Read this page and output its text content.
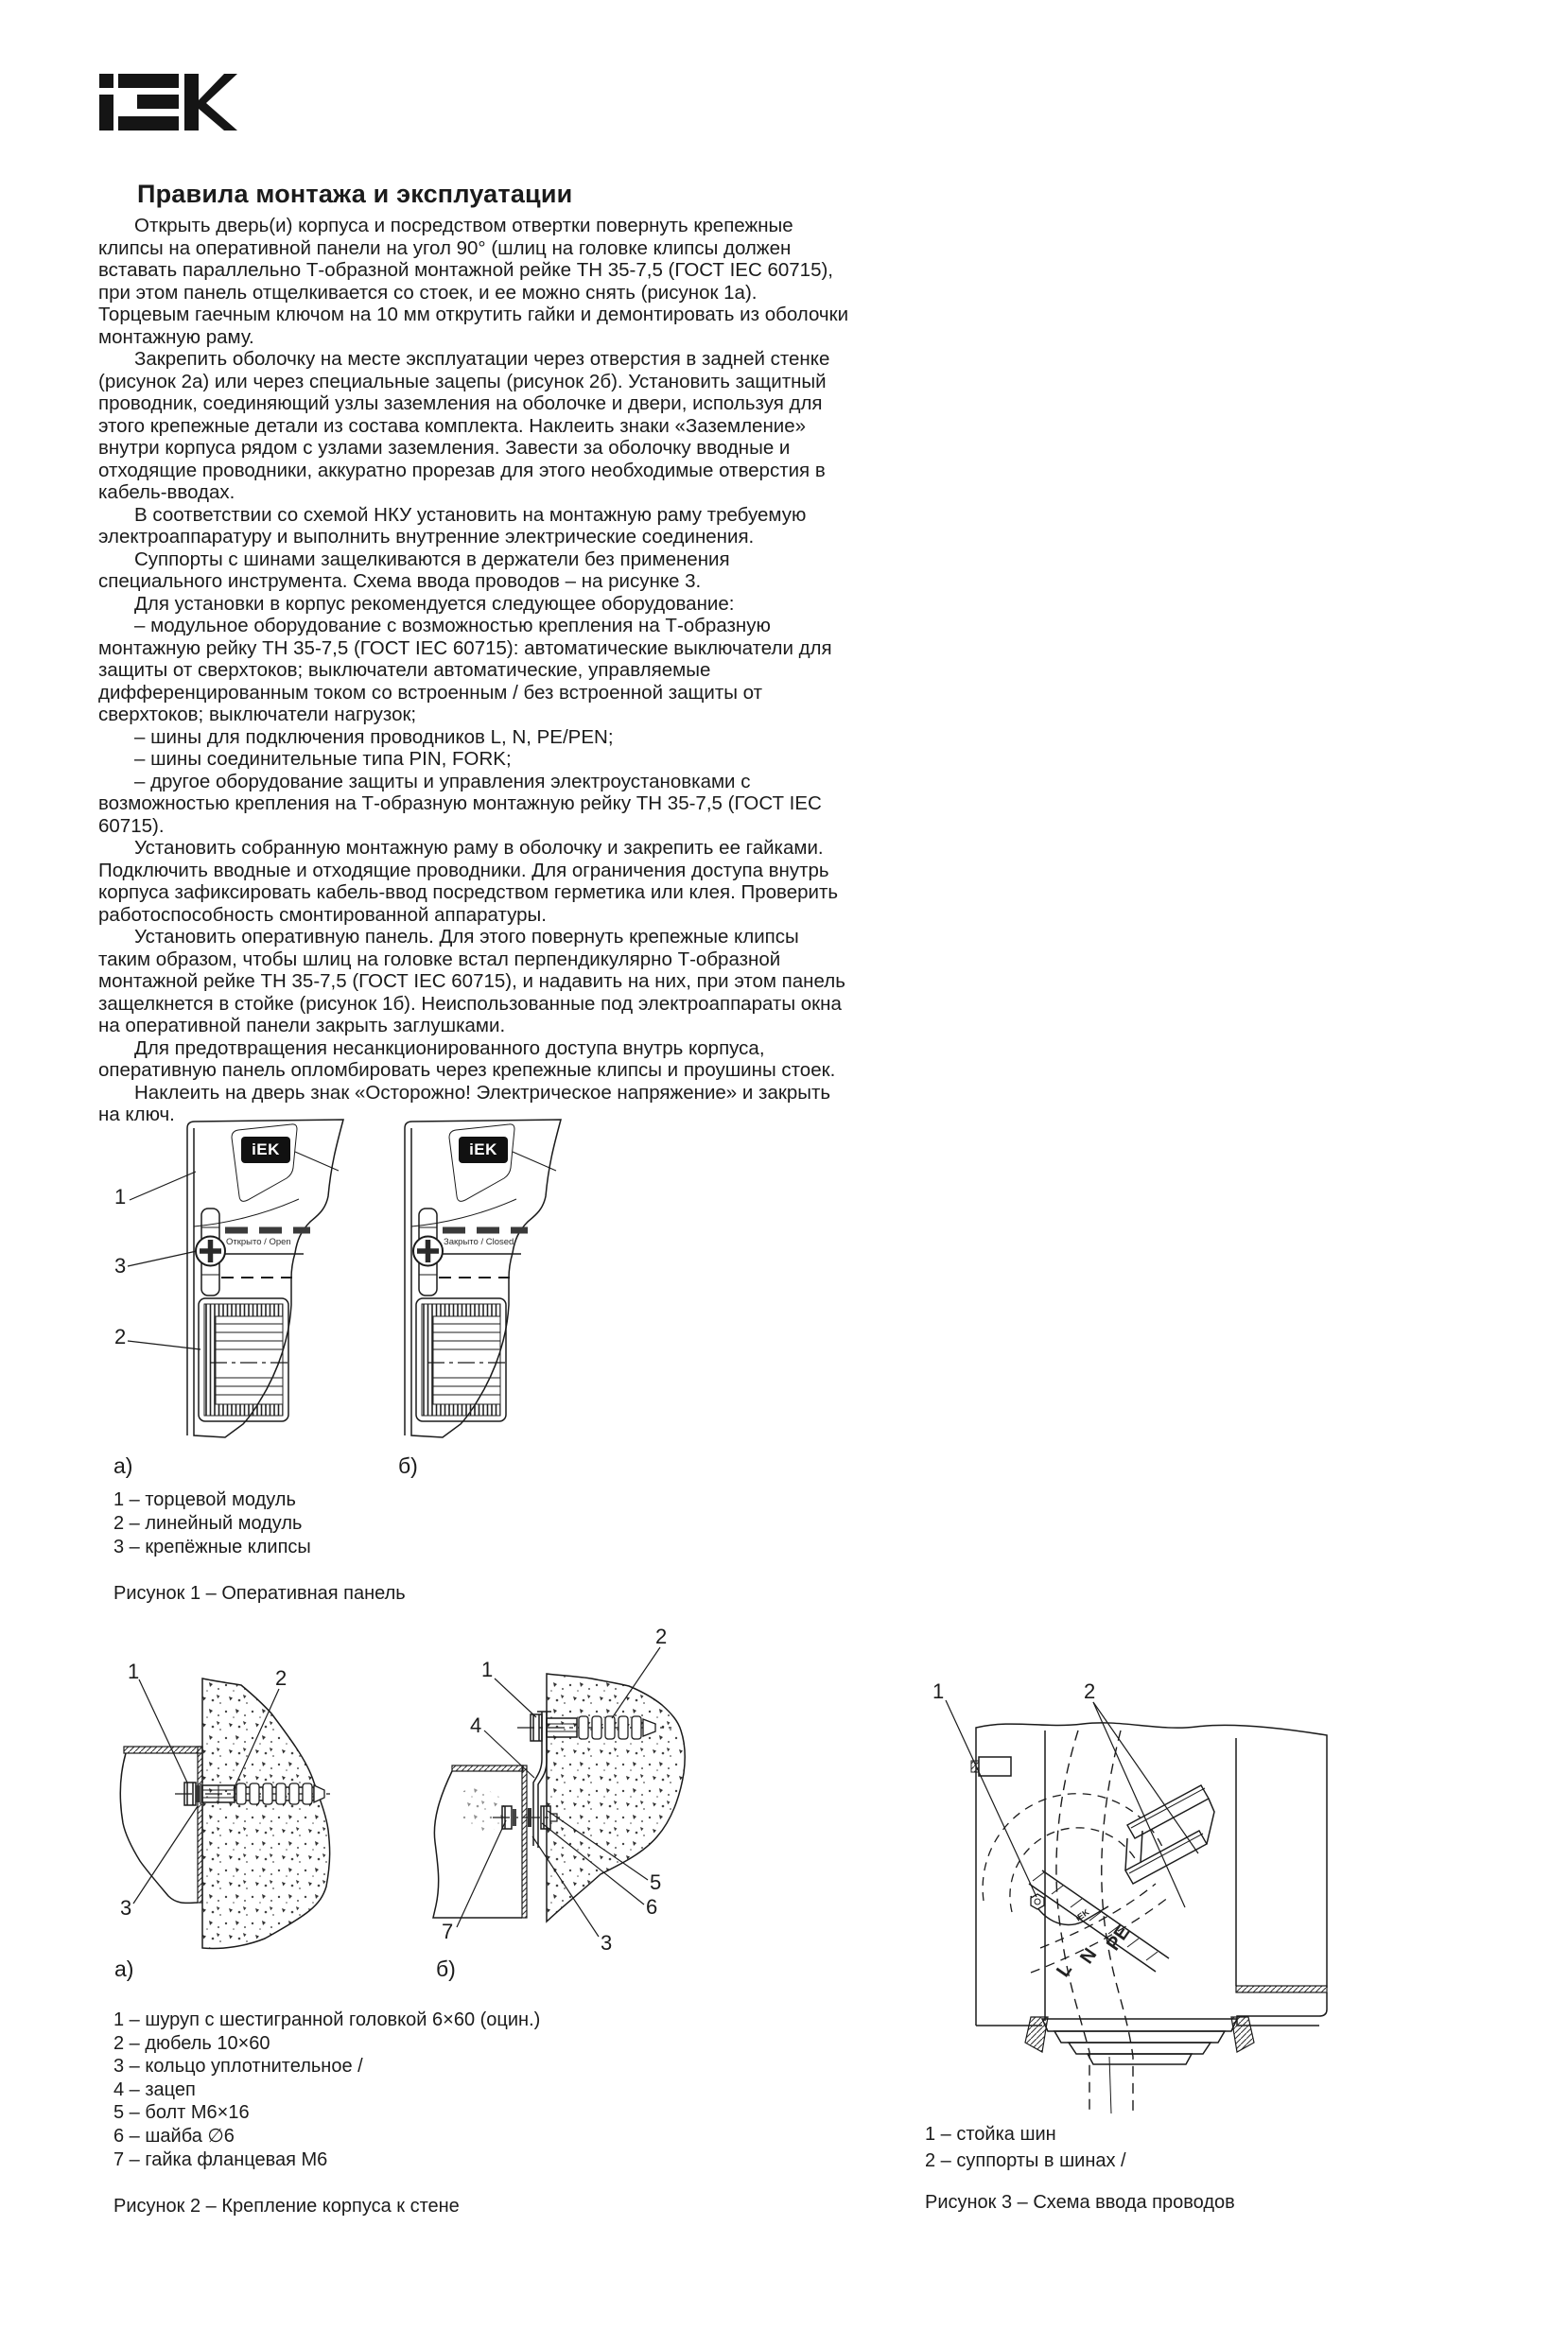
Правила монтажа и эксплуатации

Открыть дверь(и) корпуса и посредством отвертки повернуть крепежные клипсы на оперативной панели на угол 90° (шлиц на головке клипсы должен вставать параллельно Т-образной монтажной рейке ТН 35-7,5 (ГОСТ IEC 60715), при этом панель отщелкивается со стоек, и ее можно снять (рисунок 1а). Торцевым гаечным ключом на 10 мм открутить гайки и демонтировать из оболочки монтажную раму.

Закрепить оболочку на месте эксплуатации через отверстия в задней стенке (рисунок 2а) или через специальные зацепы (рисунок 2б). Установить защитный проводник, соединяющий узлы заземления на оболочке и двери, используя для этого крепежные детали из состава комплекта. Наклеить знаки «Заземление» внутри корпуса рядом с узлами заземления. Завести за оболочку вводные и отходящие проводники, аккуратно прорезав для этого необходимые отверстия в кабель-вводах.

В соответствии со схемой НКУ установить на монтажную раму требуемую электроаппаратуру и выполнить внутренние электрические соединения.

Суппорты с шинами защелкиваются в держатели без применения специального инструмента. Схема ввода проводов – на рисунке 3.

Для установки в корпус рекомендуется следующее оборудование:

– модульное оборудование с возможностью крепления на Т-образную монтажную рейку ТН 35-7,5 (ГОСТ IEC 60715): автоматические выключатели для защиты от сверхтоков; выключатели автоматические, управляемые дифференцированным током со встроенным / без встроенной защиты от сверхтоков; выключатели нагрузок;

– шины для подключения проводников L, N, PE/PEN;

– шины соединительные типа PIN, FORK;

– другое оборудование защиты и управления электроустановками с возможностью крепления на Т-образную монтажную рейку ТН 35-7,5 (ГОСТ IEC 60715).

Установить собранную монтажную раму в оболочку и закрепить ее гайками. Подключить вводные и отходящие проводники. Для ограничения доступа внутрь корпуса зафиксировать кабель-ввод посредством герметика или клея. Проверить работоспособность смонтированной аппаратуры.

Установить оперативную панель. Для этого повернуть крепежные клипсы таким образом, чтобы шлиц на головке встал перпендикулярно Т-образной монтажной рейке ТН 35-7,5 (ГОСТ IEC 60715), и надавить на них, при этом панель защелкнется в стойке (рисунок 1б). Неиспользованные под электроаппараты окна на оперативной панели закрыть заглушками.

Для предотвращения несанкционированного доступа внутрь корпуса, оперативную панель опломбировать через крепежные клипсы и проушины стоек.

Наклеить на дверь знак «Осторожно! Электрическое напряжение» и закрыть на ключ.

iEK	iEK
Открыто / Open	Закрыто / Closed
1
3
2
а)	б)
1 – торцевой модуль
2 – линейный модуль
3 – крепёжные клипсы
Рисунок 1 – Оперативная панель
1	2
3
а)
1
2
4
5
6
3
7
б)
1 – шуруп с шестигранной головкой 6×60 (оцин.)
2 – дюбель 10×60
3 – кольцо уплотнительное /
4 – зацеп
5 – болт М6×16
6 – шайба ∅6
7 – гайка фланцевая М6
Рисунок 2 – Крепление корпуса к стене
L
N
PE
iEK
1	2
1 – стойка шин
2 – суппорты в шинах /
Рисунок 3 – Схема ввода проводов
